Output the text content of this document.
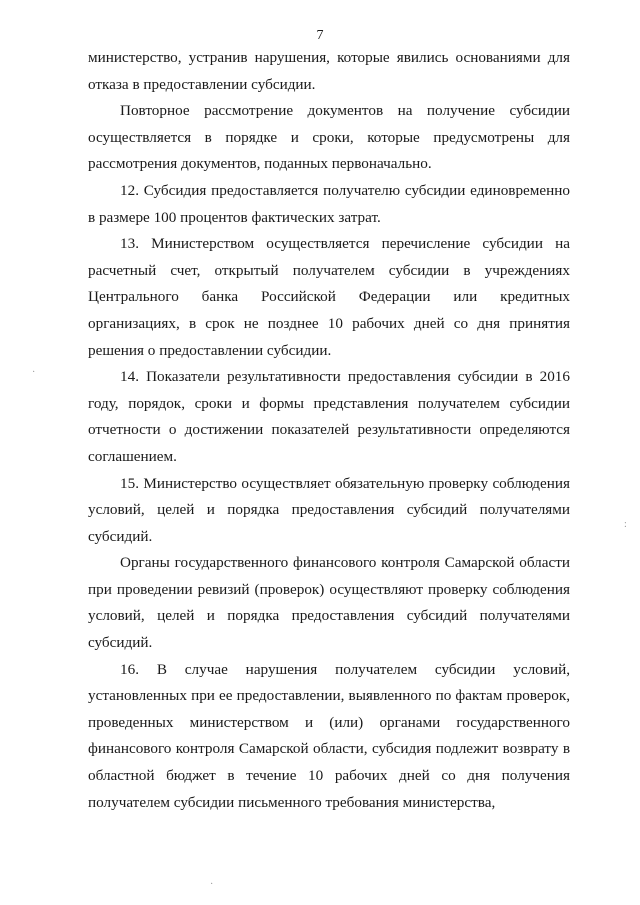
7

министерство, устранив нарушения, которые явились основаниями для отказа в предоставлении субсидии.

Повторное рассмотрение документов на получение субсидии осуществляется в порядке и сроки, которые предусмотрены для рассмотрения документов, поданных первоначально.

12. Субсидия предоставляется получателю субсидии единовременно в размере 100 процентов фактических затрат.

13. Министерством осуществляется перечисление субсидии на расчетный счет, открытый получателем субсидии в учреждениях Центрального банка Российской Федерации или кредитных организациях, в срок не позднее 10 рабочих дней со дня принятия решения о предоставлении субсидии.

14. Показатели результативности предоставления субсидии в 2016 году, порядок, сроки и формы представления получателем субсидии отчетности о достижении показателей результативности определяются соглашением.

15. Министерство осуществляет обязательную проверку соблюдения условий, целей и порядка предоставления субсидий получателями субсидий.

Органы государственного финансового контроля Самарской области при проведении ревизий (проверок) осуществляют проверку соблюдения условий, целей и порядка предоставления субсидий получателями субсидий.

16. В случае нарушения получателем субсидии условий, установленных при ее предоставлении, выявленного по фактам проверок, проведенных министерством и (или) органами государственного финансового контроля Самарской области, субсидия подлежит возврату в областной бюджет в течение 10 рабочих дней со дня получения получателем субсидии письменного требования министерства,

·
:
·
